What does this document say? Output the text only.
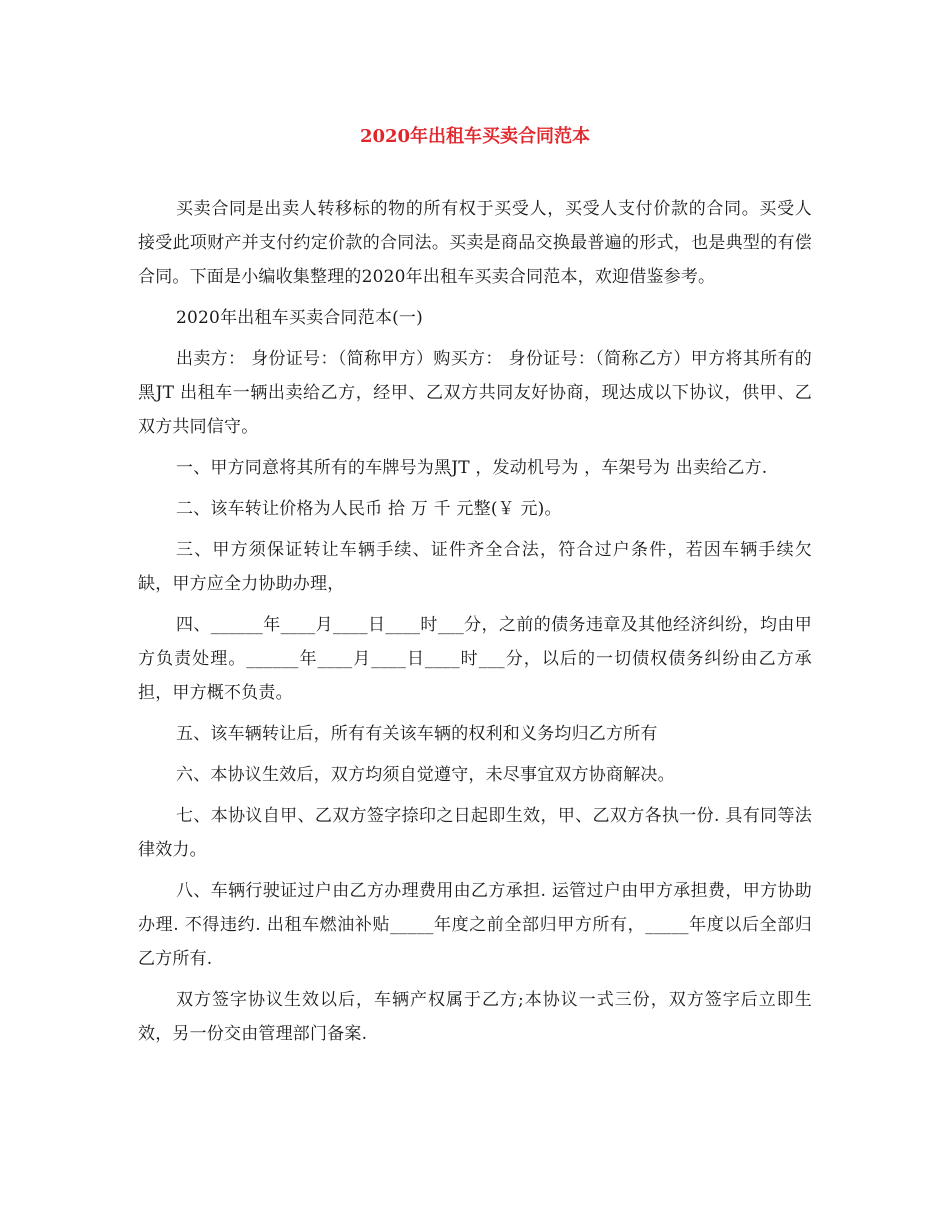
2020年出租车买卖合同范本

买卖合同是出卖人转移标的物的所有权于买受人，买受人支付价款的合同。买受人接受此项财产并支付约定价款的合同法。买卖是商品交换最普遍的形式，也是典型的有偿合同。下面是小编收集整理的2020年出租车买卖合同范本，欢迎借鉴参考。

2020年出租车买卖合同范本(一)

出卖方： 身份证号：（简称甲方）购买方： 身份证号：（简称乙方）甲方将其所有的黑JT 出租车一辆出卖给乙方，经甲、乙双方共同友好协商，现达成以下协议，供甲、乙双方共同信守。

一、甲方同意将其所有的车牌号为黑JT ，发动机号为 ，车架号为 出卖给乙方.

二、该车转让价格为人民币 拾 万 千 元整(￥ 元)。

三、甲方须保证转让车辆手续、证件齐全合法，符合过户条件，若因车辆手续欠缺，甲方应全力协助办理，

四、______年____月____日____时___分，之前的债务违章及其他经济纠纷，均由甲方负责处理。______年____月____日____时___分，以后的一切债权债务纠纷由乙方承担，甲方概不负责。

五、该车辆转让后，所有有关该车辆的权利和义务均归乙方所有

六、本协议生效后，双方均须自觉遵守，未尽事宜双方协商解决。

七、本协议自甲、乙双方签字捺印之日起即生效，甲、乙双方各执一份. 具有同等法律效力。

八、车辆行驶证过户由乙方办理费用由乙方承担. 运管过户由甲方承担费，甲方协助办理. 不得违约. 出租车燃油补贴_____年度之前全部归甲方所有，_____年度以后全部归乙方所有.

双方签字协议生效以后，车辆产权属于乙方;本协议一式三份，双方签字后立即生效，另一份交由管理部门备案.
